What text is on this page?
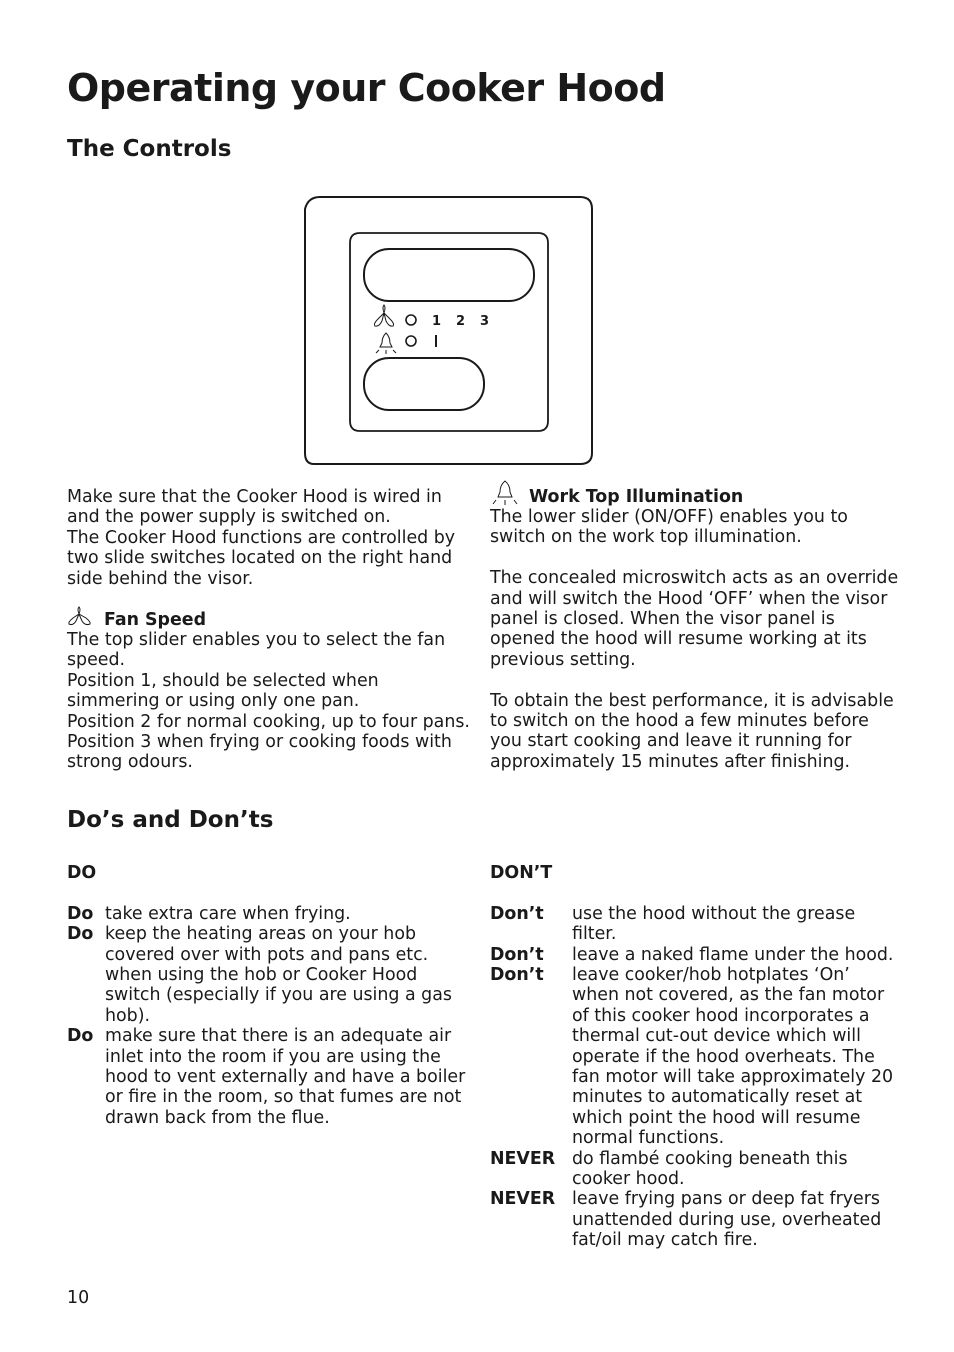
Operating your Cooker Hood
The Controls
1 2 3
Make sure that the Cooker Hood is wired in
and the power supply is switched on.
The Cooker Hood functions are controlled by
two slide switches located on the right hand
side behind the visor.
Fan Speed
The top slider enables you to select the fan
speed.
Position 1, should be selected when
simmering or using only one pan.
Position 2 for normal cooking, up to four pans.
Position 3 when frying or cooking foods with
strong odours.
Work Top Illumination
The lower slider (ON/OFF) enables you to
switch on the work top illumination.
The concealed microswitch acts as an override
and will switch the Hood ‘OFF’ when the visor
panel is closed. When the visor panel is
opened the hood will resume working at its
previous setting.
To obtain the best performance, it is advisable
to switch on the hood a few minutes before
you start cooking and leave it running for
approximately 15 minutes after finishing.
Do’s and Don’ts
DO
Do take extra care when frying.
Do keep the heating areas on your hob
covered over with pots and pans etc.
when using the hob or Cooker Hood
switch (especially if you are using a gas
hob).
Do make sure that there is an adequate air
inlet into the room if you are using the
hood to vent externally and have a boiler
or fire in the room, so that fumes are not
drawn back from the flue.
DON’T
Don’t	use the hood without the grease
filter.
Don’t	leave a naked flame under the hood.
Don’t	leave cooker/hob hotplates ‘On’
when not covered, as the fan motor
of this cooker hood incorporates a
thermal cut-out device which will
operate if the hood overheats. The
fan motor will take approximately 20
minutes to automatically reset at
which point the hood will resume
normal functions.
NEVER do flambé cooking beneath this
cooker hood.
NEVER leave frying pans or deep fat fryers
unattended during use, overheated
fat/oil may catch fire.
10
